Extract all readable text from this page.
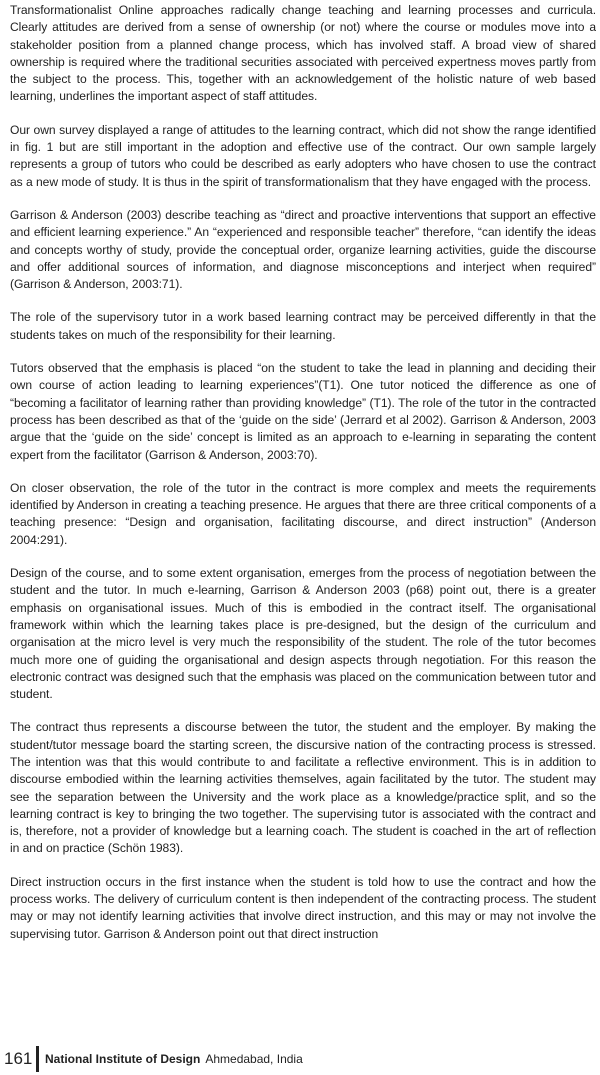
Transformationalist Online approaches radically change teaching and learning processes and curricula. Clearly attitudes are derived from a sense of ownership (or not) where the course or modules move into a stakeholder position from a planned change process, which has involved staff. A broad view of shared ownership is required where the traditional securities associated with perceived expertness moves partly from the subject to the process. This, together with an acknowledgement of the holistic nature of web based learning, underlines the important aspect of staff attitudes.

Our own survey displayed a range of attitudes to the learning contract, which did not show the range identified in fig. 1 but are still important in the adoption and effective use of the contract. Our own sample largely represents a group of tutors who could be described as early adopters who have chosen to use the contract as a new mode of study. It is thus in the spirit of transformationalism that they have engaged with the process.

Garrison & Anderson (2003) describe teaching as “direct and proactive interventions that support an effective and efficient learning experience.” An “experienced and responsible teacher” therefore, “can identify the ideas and concepts worthy of study, provide the conceptual order, organize learning activities, guide the discourse and offer additional sources of information, and diagnose misconceptions and interject when required” (Garrison & Anderson, 2003:71).

The role of the supervisory tutor in a work based learning contract may be perceived differently in that the students takes on much of the responsibility for their learning.

Tutors observed that the emphasis is placed “on the student to take the lead in planning and deciding their own course of action leading to learning experiences”(T1). One tutor noticed the difference as one of “becoming a facilitator of learning rather than providing knowledge” (T1). The role of the tutor in the contracted process has been described as that of the ‘guide on the side’ (Jerrard et al 2002). Garrison & Anderson, 2003 argue that the ‘guide on the side’ concept is limited as an approach to e-learning in separating the content expert from the facilitator (Garrison & Anderson, 2003:70).

On closer observation, the role of the tutor in the contract is more complex and meets the requirements identified by Anderson in creating a teaching presence. He argues that there are three critical components of a teaching presence: “Design and organisation, facilitating discourse, and direct instruction” (Anderson 2004:291).

Design of the course, and to some extent organisation, emerges from the process of negotiation between the student and the tutor. In much e-learning, Garrison & Anderson 2003 (p68) point out, there is a greater emphasis on organisational issues. Much of this is embodied in the contract itself. The organisational framework within which the learning takes place is pre-designed, but the design of the curriculum and organisation at the micro level is very much the responsibility of the student. The role of the tutor becomes much more one of guiding the organisational and design aspects through negotiation. For this reason the electronic contract was designed such that the emphasis was placed on the communication between tutor and student.

The contract thus represents a discourse between the tutor, the student and the employer. By making the student/tutor message board the starting screen, the discursive nation of the contracting process is stressed. The intention was that this would contribute to and facilitate a reflective environment. This is in addition to discourse embodied within the learning activities themselves, again facilitated by the tutor. The student may see the separation between the University and the work place as a knowledge/practice split, and so the learning contract is key to bringing the two together. The supervising tutor is associated with the contract and is, therefore, not a provider of knowledge but a learning coach. The student is coached in the art of reflection in and on practice (Schön 1983).

Direct instruction occurs in the first instance when the student is told how to use the contract and how the process works. The delivery of curriculum content is then independent of the contracting process. The student may or may not identify learning activities that involve direct instruction, and this may or may not involve the supervising tutor. Garrison & Anderson point out that direct instruction

161	National Institute of Design Ahmedabad, India
